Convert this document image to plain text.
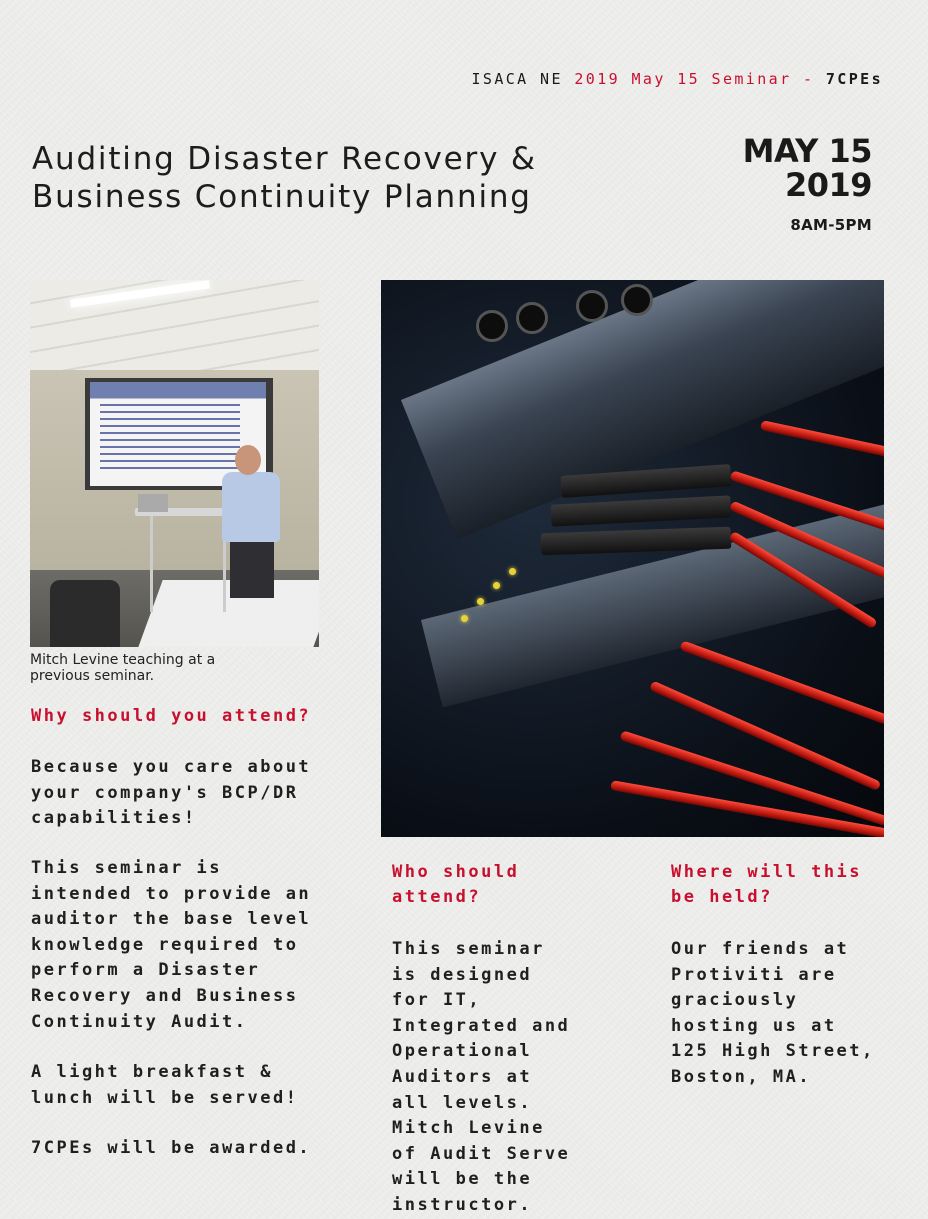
ISACA NE 2019 May 15 Seminar - 7CPEs
Auditing Disaster Recovery & Business Continuity Planning
MAY 15
2019
8AM-5PM
Mitch Levine teaching at a previous seminar.
Why should you attend?
Because you care about your company's BCP/DR capabilities!
This seminar is intended to provide an auditor the base level knowledge required to perform a Disaster Recovery and Business Continuity Audit.
A light breakfast & lunch will be served!
7CPEs will be awarded.
Who should attend?
This seminar is designed for IT, Integrated and Operational Auditors at all levels. Mitch Levine of Audit Serve will be the instructor.
Where will this be held?
Our friends at Protiviti are graciously hosting us at 125 High Street, Boston, MA.
